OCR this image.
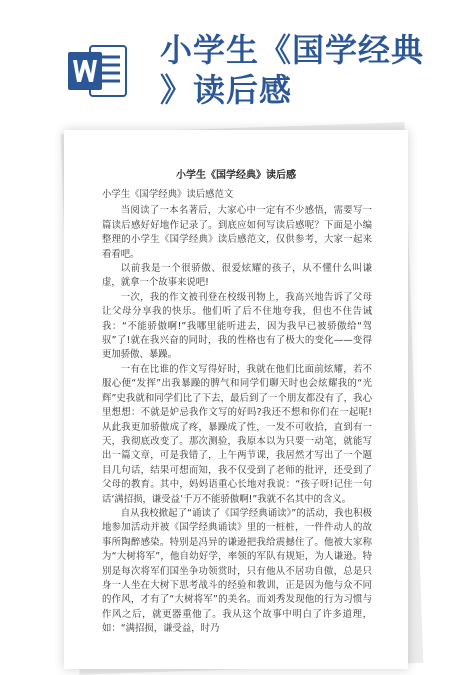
小学生《国学经典
》读后感
小学生《国学经典》读后感

小学生《国学经典》读后感范文

当阅读了一本名著后，大家心中一定有不少感悟，需要写一篇读后感好好地作记录了。到底应如何写读后感呢？下面是小编整理的小学生《国学经典》读后感范文，仅供参考，大家一起来看看吧。

以前我是一个很骄傲、很爱炫耀的孩子，从不懂什么叫谦虚，就拿一个故事来说吧!

一次，我的作文被刊登在校级刊物上，我高兴地告诉了父母让父母分享我的快乐。他们听了后不住地夸我，但也不住告诫我：“不能骄傲啊!”我哪里能听进去，因为我早已被骄傲给“驾驭”了!就在我兴奋的同时，我的性格也有了极大的变化——变得更加骄傲、暴躁。

一有在比谁的作文写得好时，我就在他们比面前炫耀，若不服心便“发挥”出我暴躁的脾气和同学们聊天时也会炫耀我的“光辉”史我就和同学们比了下去，最后到了一个朋友都没有了，我心里想想：不就是妒忌我作文写的好吗?我还不想和你们在一起呢!从此我更加骄傲成了疼，暴躁成了性，一发不可收拾，直到有一天，我彻底改变了。那次测验，我原本以为只要一动笔，就能写出一篇文章，可是我错了，上午两节课，我居然才写出了一个题目几句话，结果可想而知，我不仅受到了老师的批评，还受到了父母的教育。其中，妈妈语重心长地对我说：“孩子呀!记住一句话‘满招损，谦受益’千万不能骄傲啊!”我就不名其中的含义。

自从我校掀起了“诵读了《国学经典诵读》”的活动，我也积极地参加活动并被《国学经典诵读》里的一桩桩，一件件动人的故事所陶醉感染。特别是冯异的谦逊把我给震撼住了。他被大家称为“大树将军”，他自幼好学，率领的军队有规矩，为人谦逊。特别是每次将军们国坐争功领赏时，只有他从不居功自傲，总是只身一人坐在大树下思考战斗的经验和教训，正是因为他与众不同的作风，才有了“大树将军”的美名。而刘秀发现他的行为习惯与作风之后，就更器重他了。我从这个故事中明白了许多道理，如：“满招损，谦受益，时乃
